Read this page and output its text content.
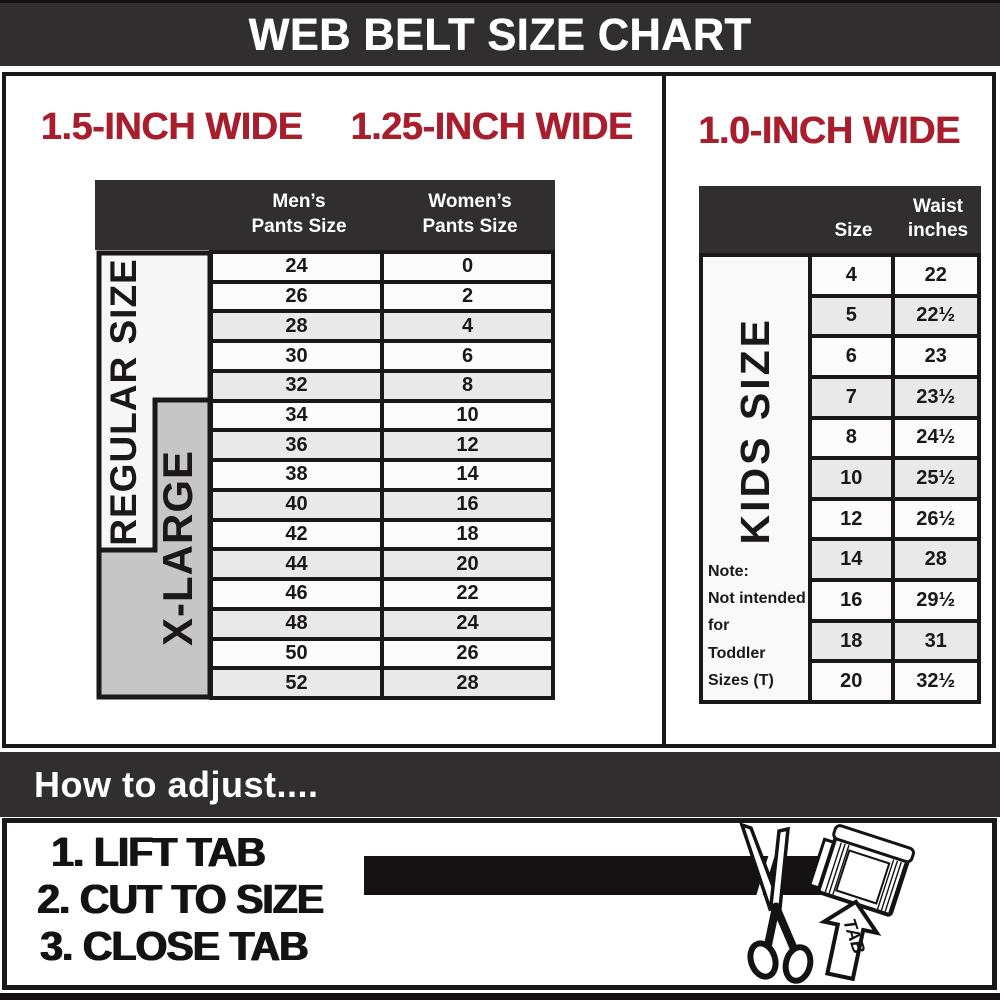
WEB BELT SIZE CHART
1.5-INCH WIDE	1.25-INCH WIDE
Men’s
Pants Size
Women’s
Pants Size
REGULAR SIZE
X-LARGE
24	0
26	2
28	4
30	6
32	8
34	10
36	12
38	14
40	16
42	18
44	20
46	22
48	24
50	26
52	28
1.0-INCH WIDE
Size
Waist
inches
KIDS SIZE
Note:
Not intended for
Toddler Sizes (T)
4	22
5	22½
6	23
7	23½
8	24½
10	25½
12	26½
14	28
16	29½
18	31
20	32½
How to adjust....
1. LIFT TAB
2. CUT TO SIZE
3. CLOSE TAB	TAB
